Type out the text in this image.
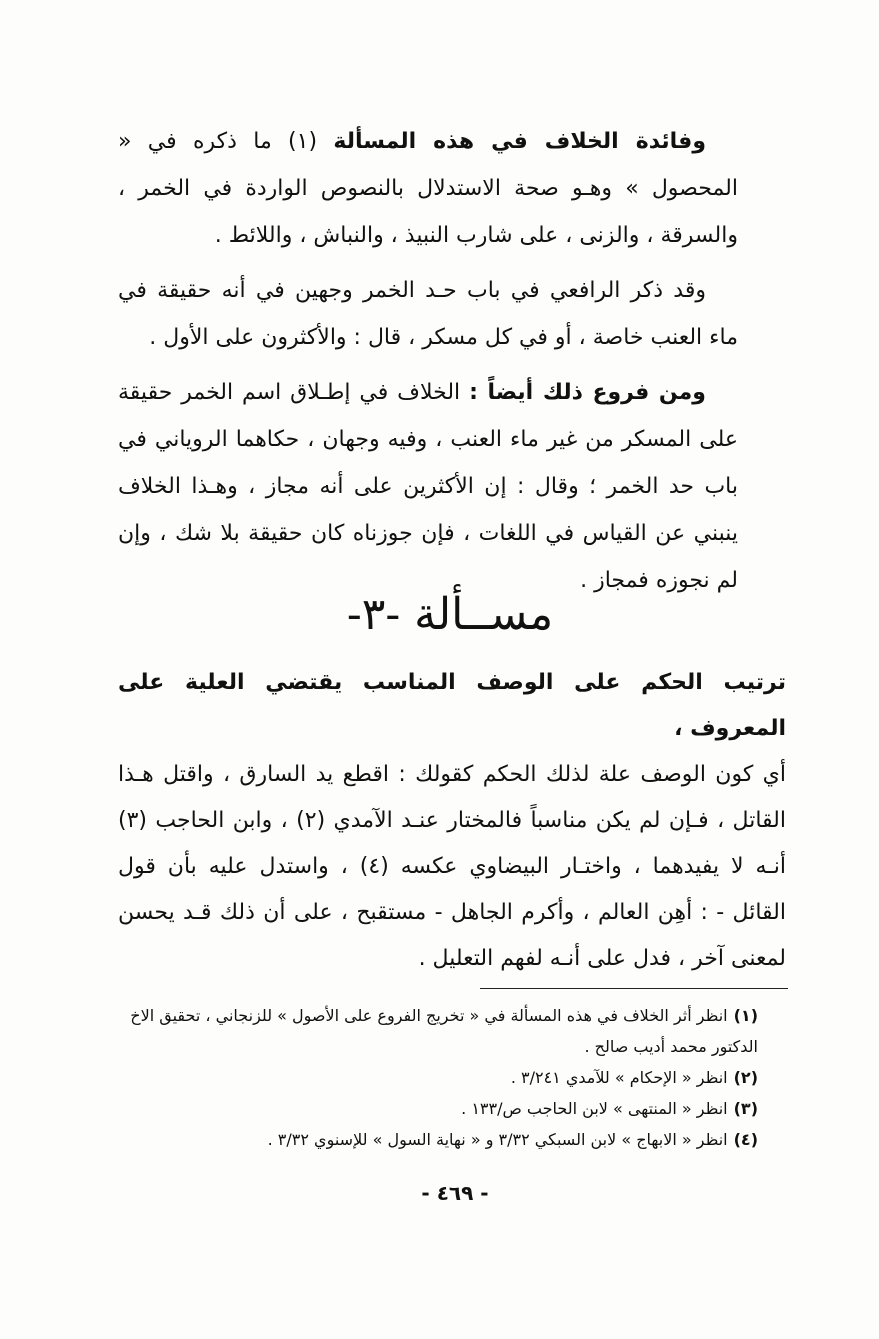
وفائدة الخلاف في هذه المسألة (١) ما ذكره في « المحصول » وهـو صحة الاستدلال بالنصوص الواردة في الخمر ، والسرقة ، والزنى ، على شارب النبيذ ، والنباش ، واللائط .

وقد ذكر الرافعي في باب حـد الخمر وجهين في أنه حقيقة في ماء العنب خاصة ، أو في كل مسكر ، قال : والأكثرون على الأول .

ومن فروع ذلك أيضاً : الخلاف في إطـلاق اسم الخمر حقيقة على المسكر من غير ماء العنب ، وفيه وجهان ، حكاهما الروياني في باب حد الخمر ؛ وقال : إن الأكثرين على أنه مجاز ، وهـذا الخلاف ينبني عن القياس في اللغات ، فإن جوزناه كان حقيقة بلا شك ، وإن لم نجوزه فمجاز .

مســألة -٣-

ترتيب الحكم على الوصف المناسب يقتضي العلية على المعروف ،

أي كون الوصف علة لذلك الحكم كقولك : اقطع يد السارق ، واقتل هـذا القاتل ، فـإن لم يكن مناسباً فالمختار عنـد الآمدي (٢) ، وابن الحاجب (٣) أنـه لا يفيدهما ، واختـار البيضاوي عكسه (٤) ، واستدل عليه بأن قول القائل - : أهِن العالم ، وأكرم الجاهل - مستقبح ، على أن ذلك قـد يحسن لمعنى آخر ، فدل على أنـه لفهم التعليل .

(١)انظر أثر الخلاف في هذه المسألة في « تخريج الفروع على الأصول » للزنجاني ، تحقيق الاخ الدكتور محمد أديب صالح .

(٢)انظر « الإحكام » للآمدي ٣/٢٤١ .

(٣)انظر « المنتهى » لابن الحاجب ص/١٣٣ .

(٤)انظر « الابهاج » لابن السبكي ٣/٣٢ و « نهاية السول » للإسنوي ٣/٣٢ .

- ٤٦٩ -
